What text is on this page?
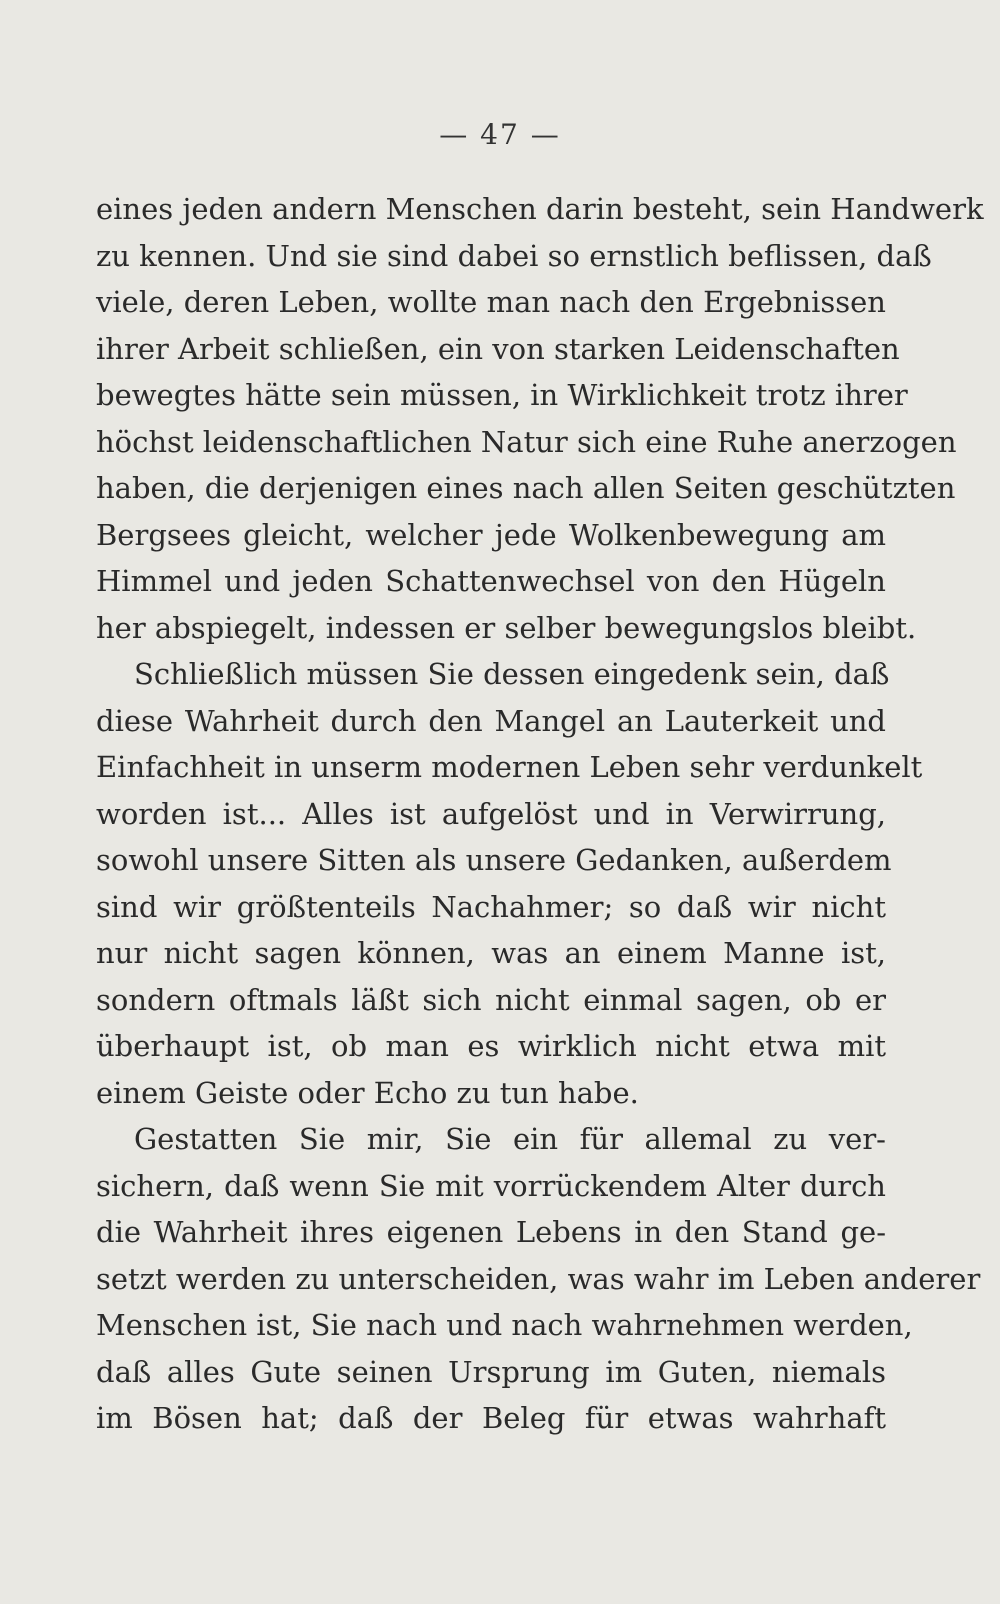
— 47 —
eines jeden andern Menschen darin besteht, sein Handwerk
zu kennen. Und sie sind dabei so ernstlich beflissen, daß
viele, deren Leben, wollte man nach den Ergebnissen
ihrer Arbeit schließen, ein von starken Leidenschaften
bewegtes hätte sein müssen, in Wirklichkeit trotz ihrer
höchst leidenschaftlichen Natur sich eine Ruhe anerzogen
haben, die derjenigen eines nach allen Seiten geschützten
Bergsees gleicht, welcher jede Wolkenbewegung am
Himmel und jeden Schattenwechsel von den Hügeln
her abspiegelt, indessen er selber bewegungslos bleibt.
Schließlich müssen Sie dessen eingedenk sein, daß
diese Wahrheit durch den Mangel an Lauterkeit und
Einfachheit in unserm modernen Leben sehr verdunkelt
worden ist... Alles ist aufgelöst und in Verwirrung,
sowohl unsere Sitten als unsere Gedanken, außerdem
sind wir größtenteils Nachahmer; so daß wir nicht
nur nicht sagen können, was an einem Manne ist,
sondern oftmals läßt sich nicht einmal sagen, ob er
überhaupt ist, ob man es wirklich nicht etwa mit
einem Geiste oder Echo zu tun habe.
Gestatten Sie mir, Sie ein für allemal zu ver-
sichern, daß wenn Sie mit vorrückendem Alter durch
die Wahrheit ihres eigenen Lebens in den Stand ge-
setzt werden zu unterscheiden, was wahr im Leben anderer
Menschen ist, Sie nach und nach wahrnehmen werden,
daß alles Gute seinen Ursprung im Guten, niemals
im Bösen hat; daß der Beleg für etwas wahrhaft
